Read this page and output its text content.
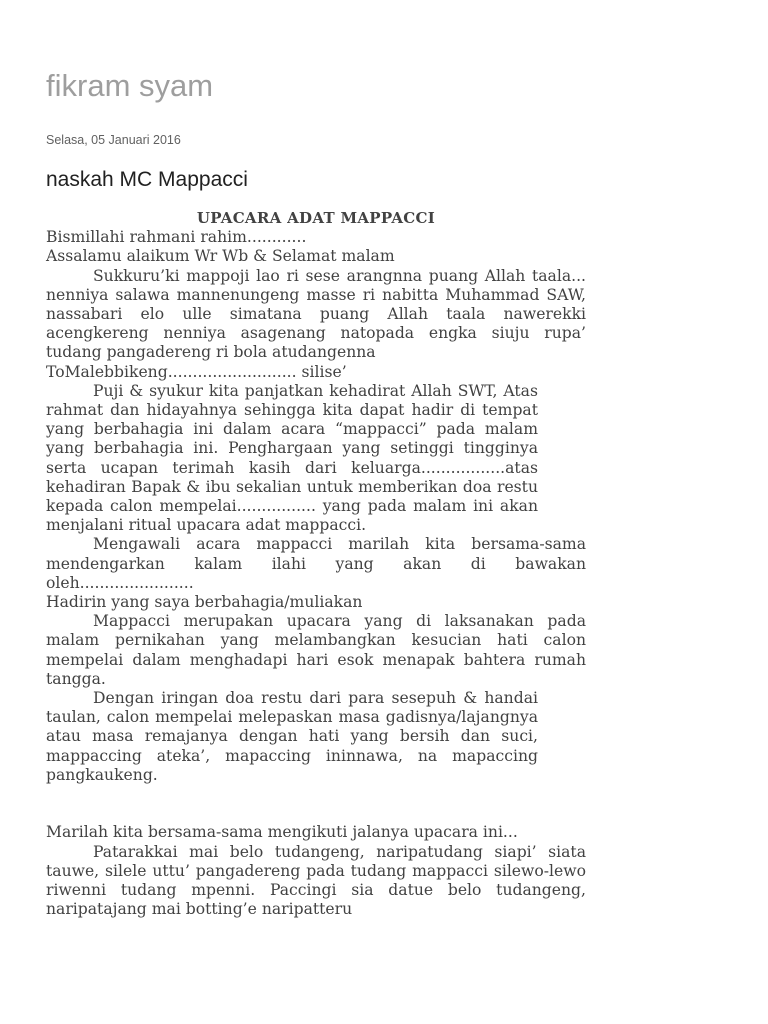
fikram syam
Selasa, 05 Januari 2016
naskah MC Mappacci

UPACARA ADAT MAPPACCI

Bismillahi rahmani rahim............

Assalamu alaikum Wr Wb & Selamat malam

Sukkuru’ki mappoji lao ri sese arangnna puang Allah taala... nenniya salawa mannenungeng masse ri nabitta Muhammad SAW, nassabari elo ulle simatana puang Allah taala nawerekki acengkereng nenniya asagenang natopada engka siuju rupa’ tudang pangadereng ri bola atudangenna

ToMalebbikeng.......................... silise’

Puji & syukur kita panjatkan kehadirat Allah SWT, Atas rahmat dan hidayahnya sehingga kita dapat hadir di tempat yang berbahagia ini dalam acara “mappacci” pada malam yang berbahagia ini. Penghargaan yang setinggi tingginya serta ucapan terimah kasih dari keluarga.................atas kehadiran Bapak & ibu sekalian untuk memberikan doa restu kepada calon mempelai................ yang pada malam ini akan menjalani ritual upacara adat mappacci.

Mengawali acara mappacci marilah kita bersama-sama mendengarkan kalam ilahi yang akan di bawakan oleh.......................

Hadirin yang saya berbahagia/muliakan

Mappacci merupakan upacara yang di laksanakan pada malam pernikahan yang melambangkan kesucian hati calon mempelai dalam menghadapi hari esok menapak bahtera rumah tangga.

Dengan iringan doa restu dari para sesepuh & handai taulan, calon mempelai melepaskan masa gadisnya/lajangnya atau masa remajanya dengan hati yang bersih dan suci, mappaccing ateka’, mapaccing ininnawa, na mapaccing pangkaukeng.

Marilah kita bersama-sama mengikuti jalanya upacara ini...

Patarakkai mai belo tudangeng, naripatudang siapi’ siata tauwe, silele uttu’ pangadereng pada tudang mappacci silewo-lewo riwenni tudang mpenni. Paccingi sia datue belo tudangeng, naripatajang mai botting’e naripatteru
